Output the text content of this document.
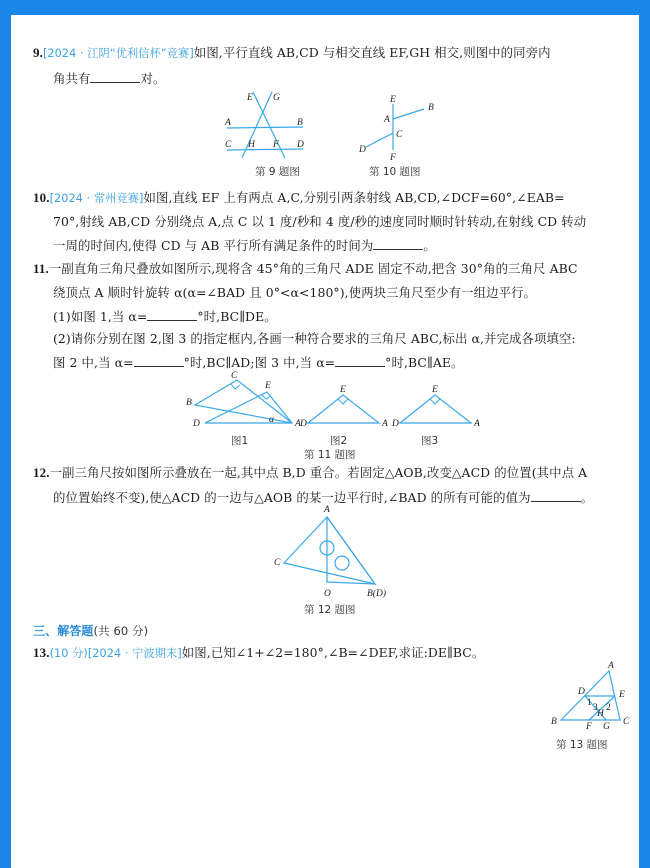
9.[2024 · 江阴“优利信杯”竞赛]如图,平行直线 AB,CD 与相交直线 EF,GH 相交,则图中的同旁内
角共有	对。
E G
A	B
C H F D
第 9 题图
E
B
A
C
D
F
第 10 题图
10.[2024 · 常州竞赛]如图,直线 EF 上有两点 A,C,分别引两条射线 AB,CD,∠DCF=60°,∠EAB=
70°,射线 AB,CD 分别绕点 A,点 C 以 1 度/秒和 4 度/秒的速度同时顺时针转动,在射线 CD 转动
一周的时间内,使得 CD 与 AB 平行所有满足条件的时间为	。
11.一副直角三角尺叠放如图所示,现将含 45°角的三角尺 ADE 固定不动,把含 30°角的三角尺 ABC
绕顶点 A 顺时针旋转 α(α=∠BAD 且 0°<α<180°),使两块三角尺至少有一组边平行。
(1)如图 1,当 α=	°时,BC∥DE。
(2)请你分别在图 2,图 3 的指定框内,各画一种符合要求的三角尺 ABC,标出 α,并完成各项填空:
图 2 中,当 α=	°时,BC∥AD;图 3 中,当 α=	°时,BC∥AE。
C
E
B
D	A
α
E
D	A
E
D	A
图1	图2	图3
第 11 题图
12.一副三角尺按如图所示叠放在一起,其中点 B,D 重合。若固定△AOB,改变△ACD 的位置(其中点 A
的位置始终不变),使△ACD 的一边与△AOB 的某一边平行时,∠BAD 的所有可能的值为	。
A
C
O	B(D)
第 12 题图
三、解答题(共 60 分)
13.(10 分)[2024 · 宁波期末]如图,已知∠1+∠2=180°,∠B=∠DEF,求证:DE∥BC。
A
D	E
1 3 2
H
B	F G C
第 13 题图
